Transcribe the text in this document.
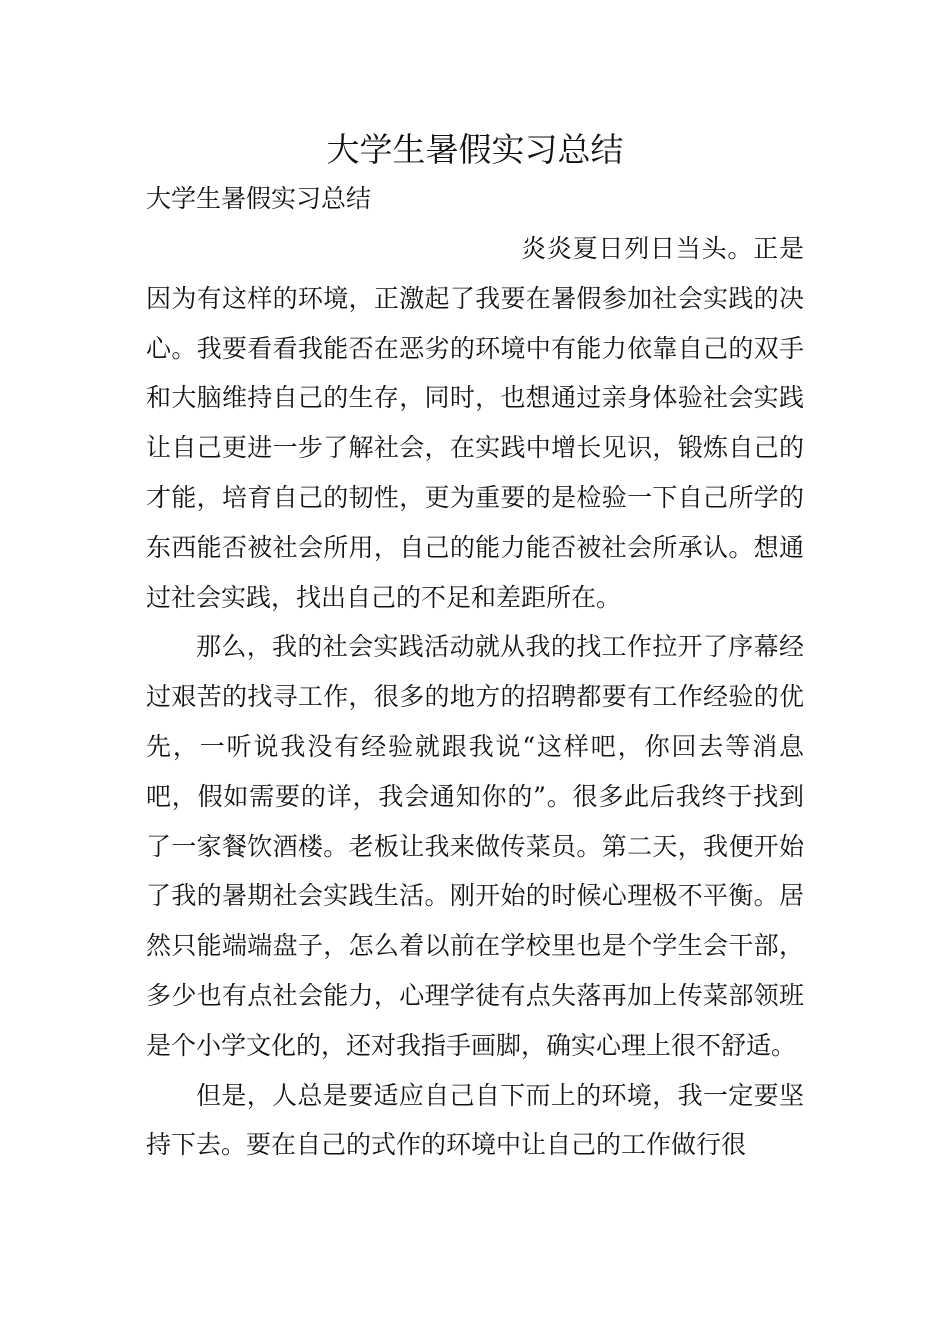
大学生暑假实习总结

大学生暑假实习总结

炎炎夏日列日当头。正是因为有这样的环境，正激起了我要在暑假参加社会实践的决心。我要看看我能否在恶劣的环境中有能力依靠自己的双手和大脑维持自己的生存，同时，也想通过亲身体验社会实践让自己更进一步了解社会，在实践中增长见识，锻炼自己的才能，培育自己的韧性，更为重要的是检验一下自己所学的东西能否被社会所用，自己的能力能否被社会所承认。想通过社会实践，找出自己的不足和差距所在。

那么，我的社会实践活动就从我的找工作拉开了序幕经过艰苦的找寻工作，很多的地方的招聘都要有工作经验的优先，一听说我没有经验就跟我说“这样吧，你回去等消息吧，假如需要的详，我会通知你的”。很多此后我终于找到了一家餐饮酒楼。老板让我来做传菜员。第二天，我便开始了我的暑期社会实践生活。刚开始的时候心理极不平衡。居然只能端端盘子，怎么着以前在学校里也是个学生会干部，多少也有点社会能力，心理学徒有点失落再加上传菜部领班是个小学文化的，还对我指手画脚，确实心理上很不舒适。

但是，人总是要适应自己自下而上的环境，我一定要坚持下去。要在自己的式作的环境中让自己的工作做行很
